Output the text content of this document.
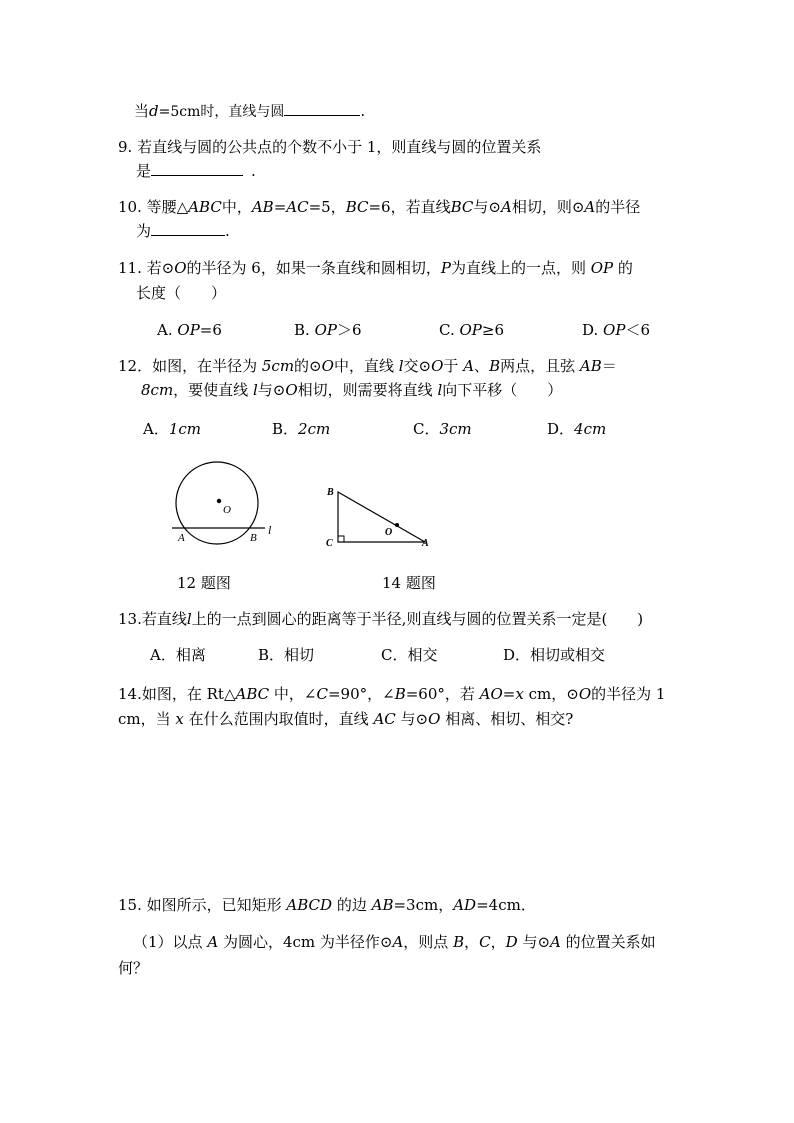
当d=5cm时，直线与圆	.
9. 若直线与圆的公共点的个数不小于 1，则直线与圆的位置关系
是	.
10. 等腰△ABC中，AB=AC=5，BC=6，若直线BC与⊙A相切，则⊙A的半径
为	.
11. 若⊙O的半径为 6，如果一条直线和圆相切，P为直线上的一点，则 OP 的
长度（　　）
A. OP=6	B. OP＞6	C. OP≥6	D. OP＜6
12．如图，在半径为 5cm的⊙O中，直线 l交⊙O于 A、B两点，且弦 AB＝
8cm，要使直线 l与⊙O相切，则需要将直线 l向下平移（　　）
A．1cm	B．2cm	C．3cm	D．4cm
O
A	B
l
12 题图
B
C
O
A
14 题图
13.若直线l上的一点到圆心的距离等于半径,则直线与圆的位置关系一定是(　　)
A．相离	B．相切	C．相交	D．相切或相交
14.如图，在 Rt△ABC 中，∠C=90°，∠B=60°，若 AO=x cm，⊙O的半径为 1
cm，当 x 在什么范围内取值时，直线 AC 与⊙O 相离、相切、相交?
15. 如图所示，已知矩形 ABCD 的边 AB=3cm，AD=4cm．
（1）以点 A 为圆心，4cm 为半径作⊙A，则点 B，C，D 与⊙A 的位置关系如
何？
